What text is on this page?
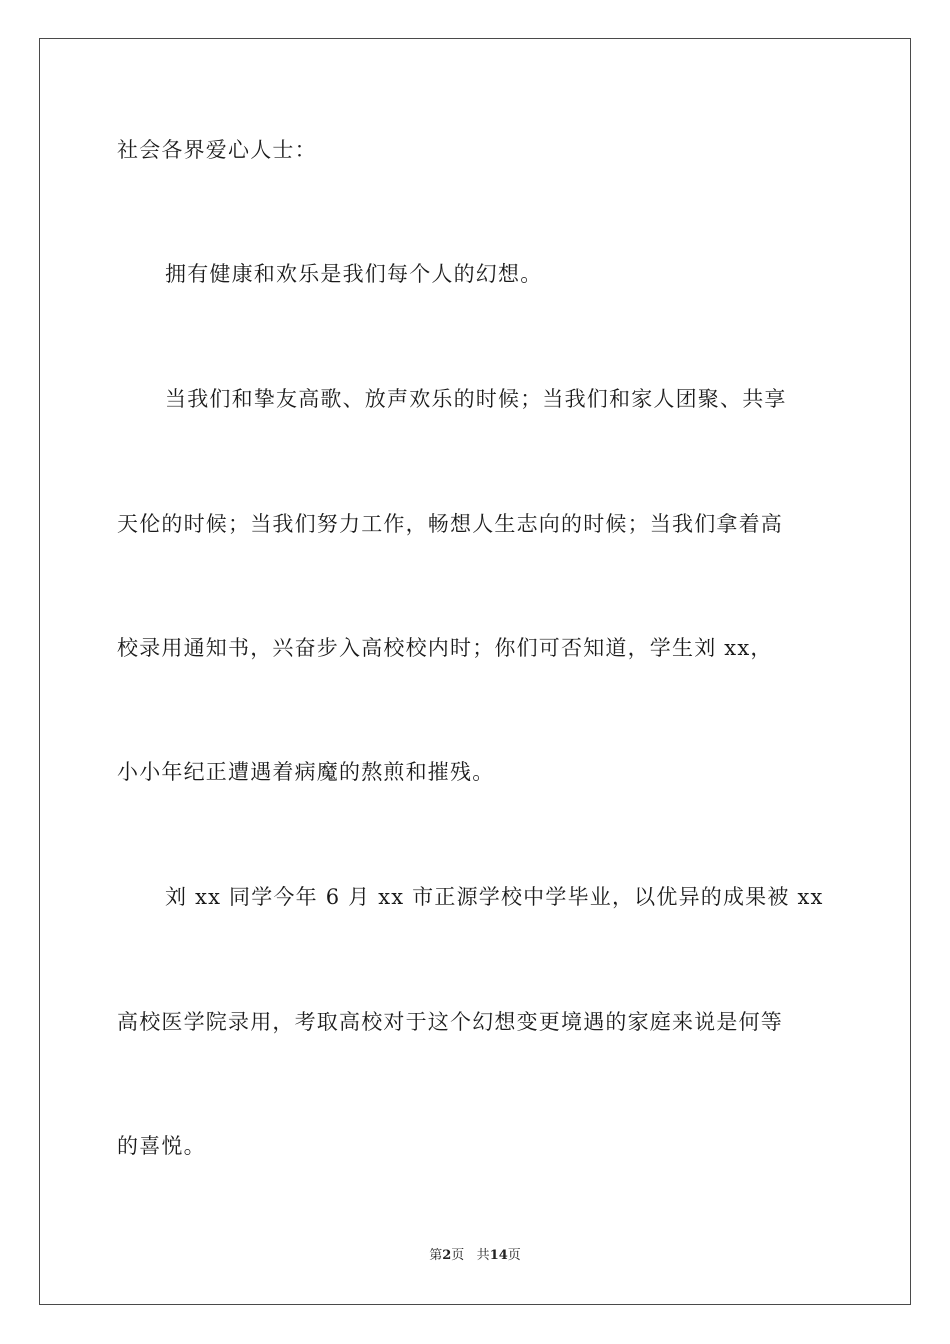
社会各界爱心人士：
拥有健康和欢乐是我们每个人的幻想。
当我们和挚友高歌、放声欢乐的时候；当我们和家人团聚、共享
天伦的时候；当我们努力工作，畅想人生志向的时候；当我们拿着高
校录用通知书，兴奋步入高校校内时；你们可否知道，学生刘 xx，
小小年纪正遭遇着病魔的熬煎和摧残。
刘 xx 同学今年 6 月 xx 市正源学校中学毕业，以优异的成果被 xx
高校医学院录用，考取高校对于这个幻想变更境遇的家庭来说是何等
的喜悦。
第2页 共14页
